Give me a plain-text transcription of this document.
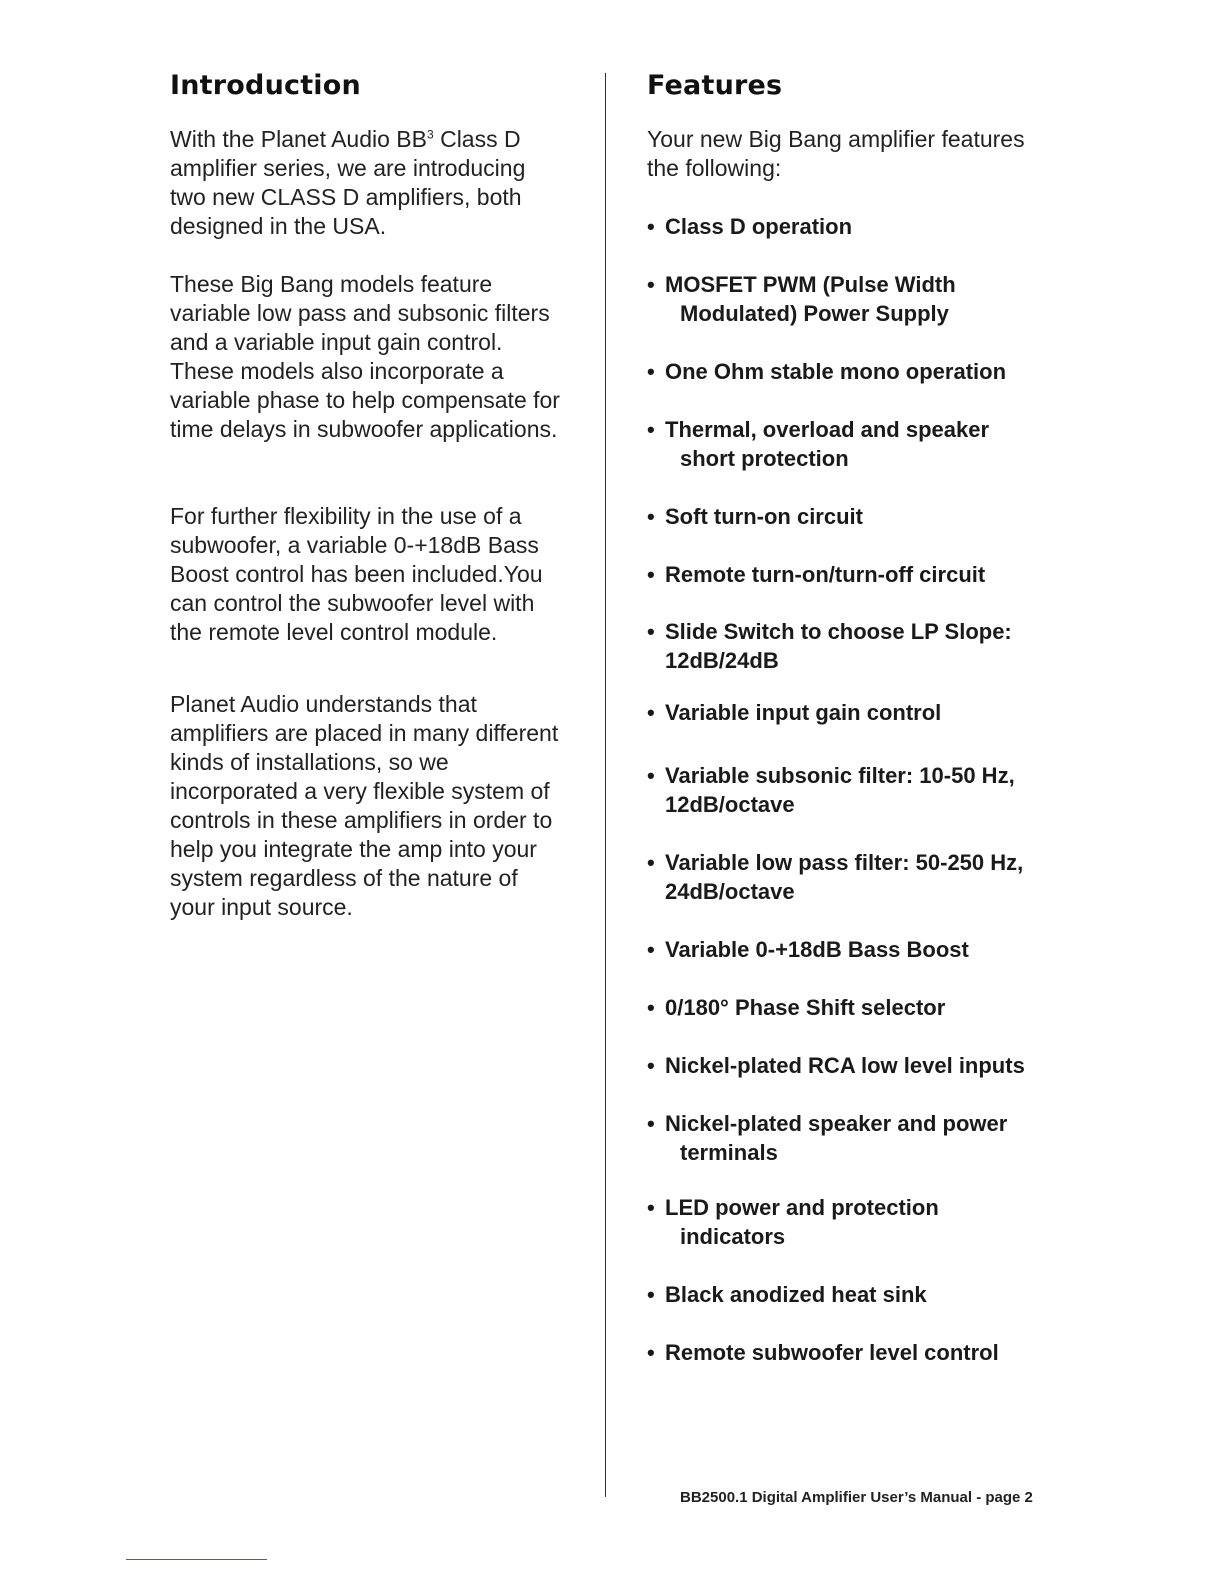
Introduction

With the Planet Audio $BB^3$ Class D amplifier series, we are introducing two new CLASS D amplifiers, both designed in the USA.

These Big Bang models feature variable low pass and subsonic filters and a variable input gain control. These models also incorporate a variable phase to help compensate for time delays in subwoofer applications.

For further flexibility in the use of a subwoofer, a variable 0-+18dB Bass Boost control has been included.You can control the subwoofer level with the remote level control module.

Planet Audio understands that amplifiers are placed in many different kinds of installations, so we incorporated a very flexible system of controls in these amplifiers in order to help you integrate the amp into your system regardless of the nature of your input source.

Features

Your new Big Bang amplifier features the following:

• Class D operation
• MOSFET PWM (Pulse Width
Modulated) Power Supply
• One Ohm stable mono operation
• Thermal, overload and speaker
short protection
• Soft turn-on circuit
• Remote turn-on/turn-off circuit
• Slide Switch to choose LP Slope:
12dB/24dB
• Variable input gain control
• Variable subsonic filter: 10-50 Hz,
12dB/octave
• Variable low pass filter: 50-250 Hz,
24dB/octave
• Variable 0-+18dB Bass Boost
• 0/180° Phase Shift selector
• Nickel-plated RCA low level inputs
• Nickel-plated speaker and power
terminals
• LED power and protection
indicators
• Black anodized heat sink
• Remote subwoofer level control
BB2500.1 Digital Amplifier User’s Manual - page 2
